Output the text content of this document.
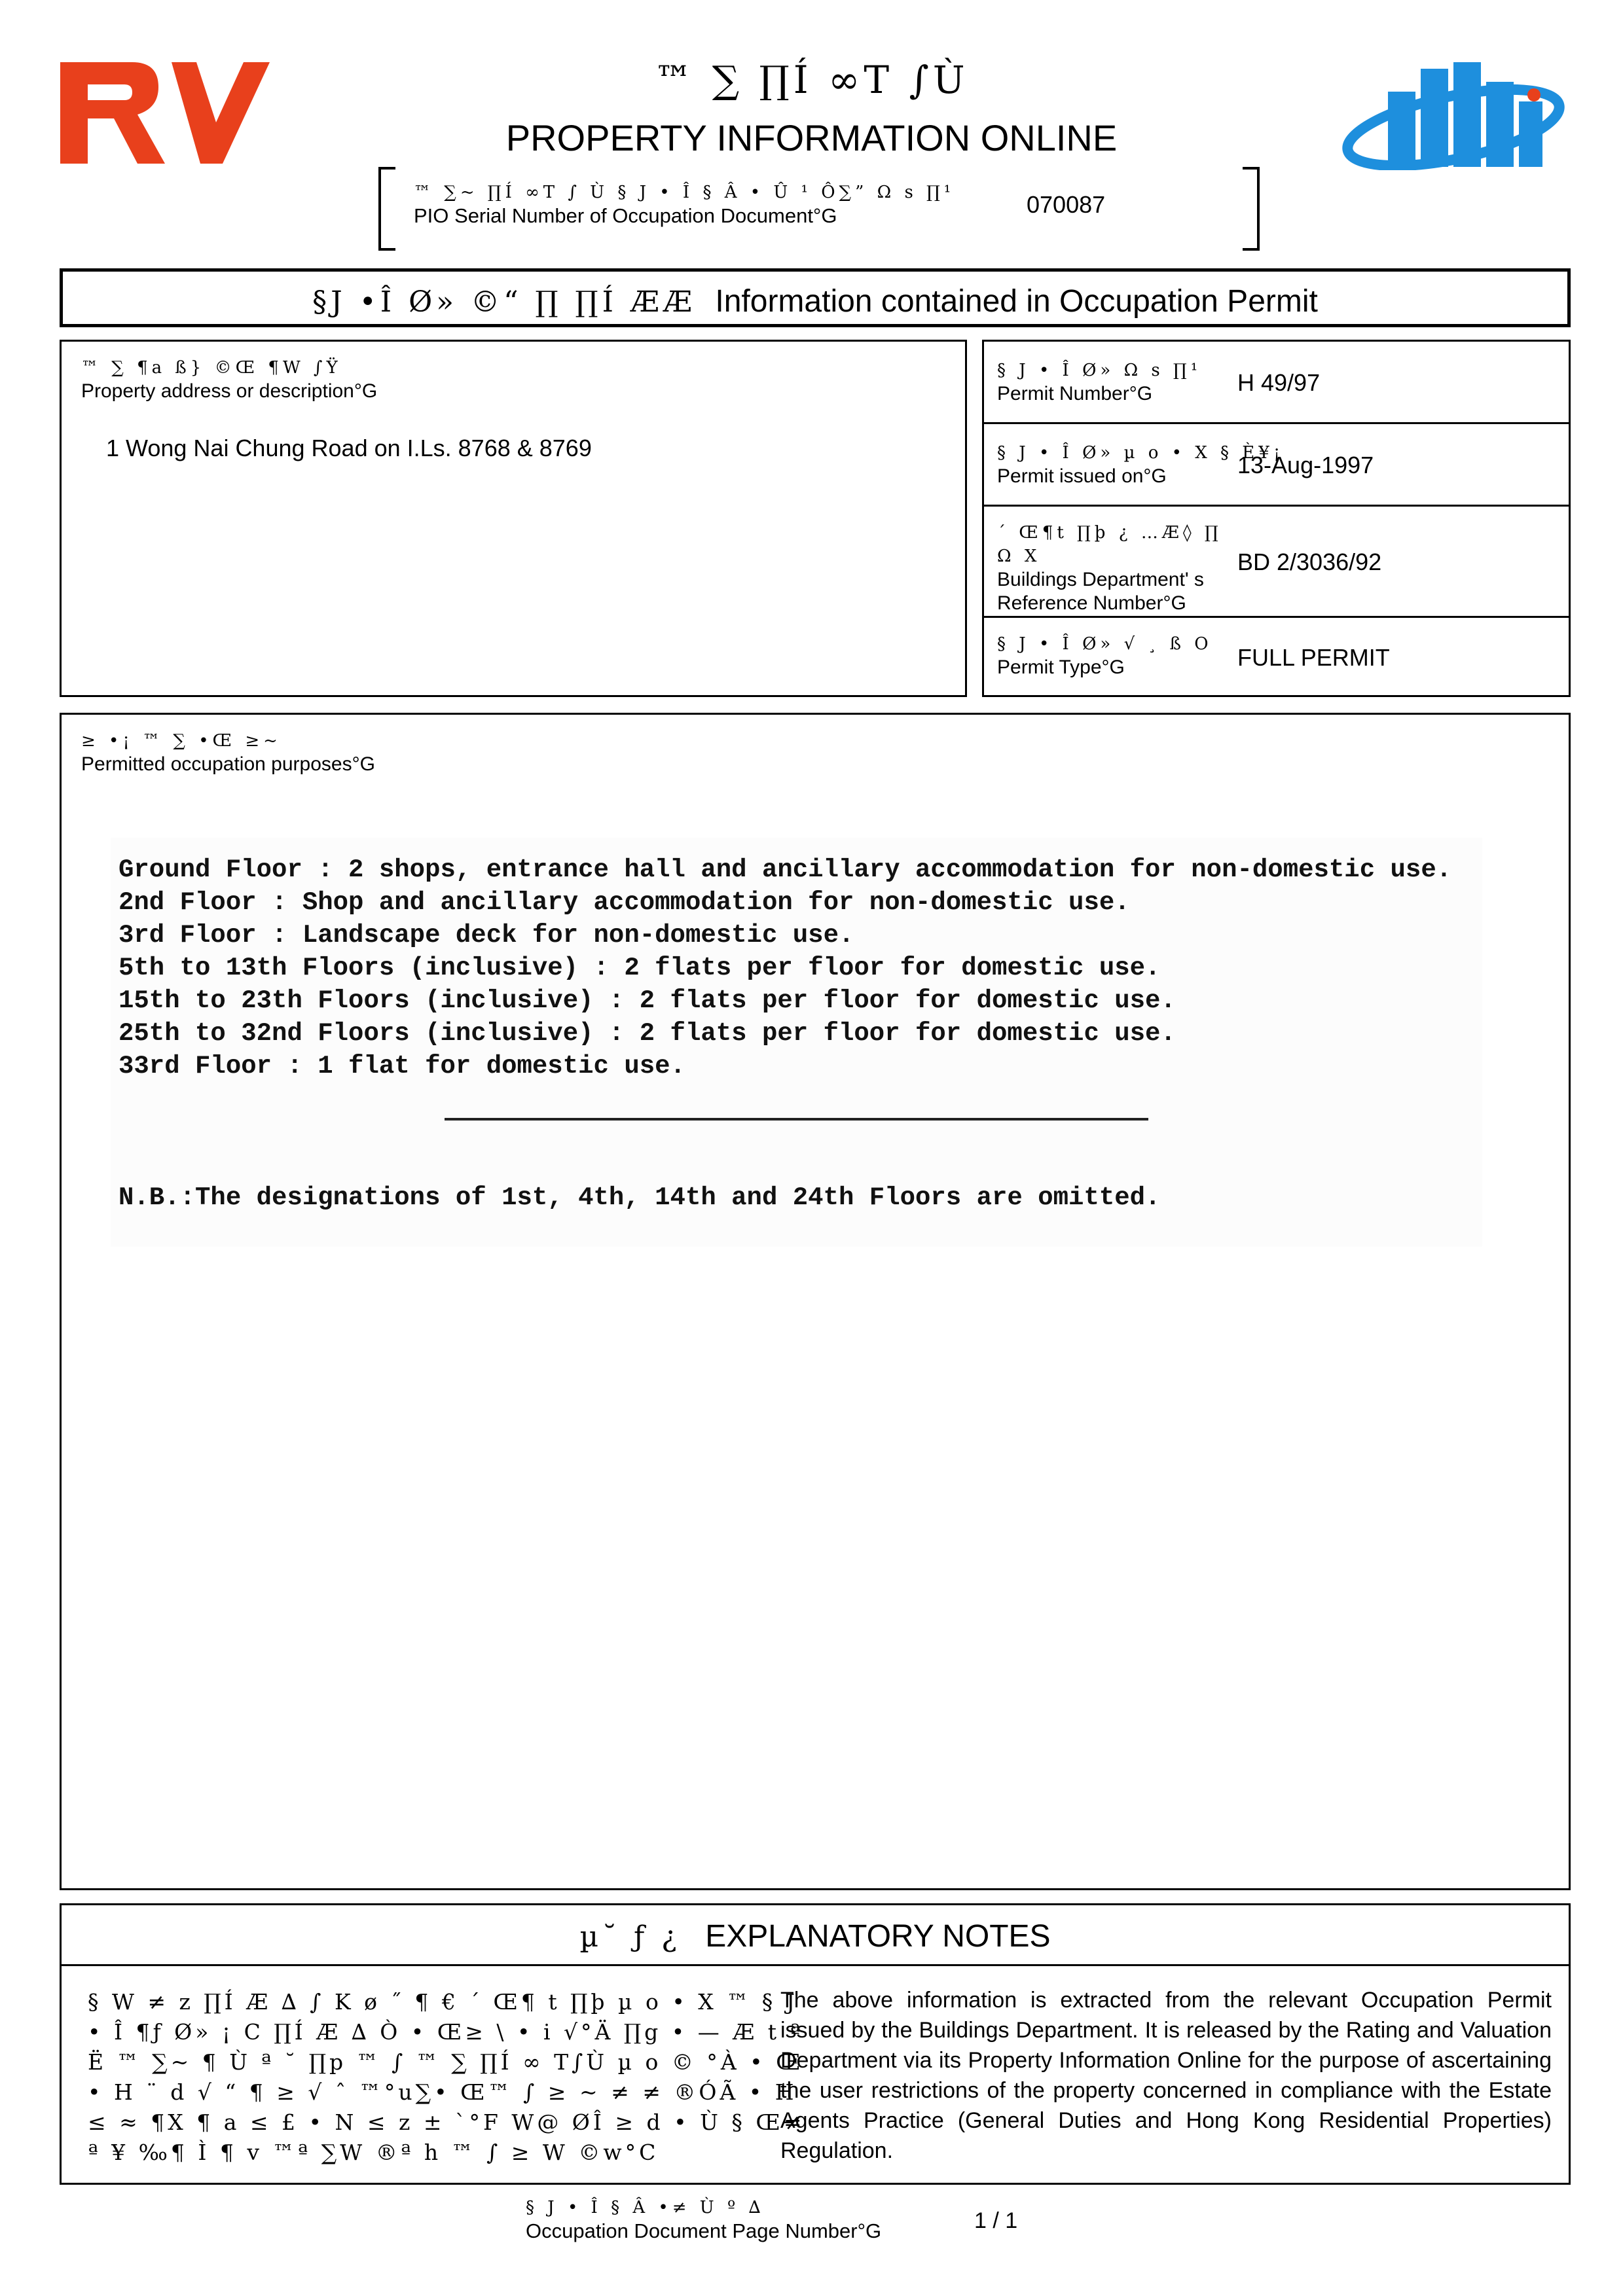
™ ∑ ∏Í ∞T ∫Ù
PROPERTY INFORMATION ONLINE
™ ∑~ ∏Í ∞T ∫ Ù § J • Î § Â • Û ¹ Ô∑” Ω s ∏¹
PIO Serial Number of Occupation Document°G	070087
§J •Î Ø» ©“ ∏ ∏Í ÆÆ Information contained in Occupation Permit
™ ∑ ¶a ß} ©Œ ¶W ∫Ÿ
Property address or description°G
1 Wong Nai Chung Road on I.Ls. 8768 & 8769
§ J • Î Ø» Ω s ∏¹
Permit Number°G	H 49/97
§ J • Î Ø» µ o • X § È¥¡
Permit issued on°G	13-Aug-1997
´ Œ¶t ∏þ ¿ …Æ◊ ∏ Ω X
Buildings Department' s Reference Number°G
BD 2/3036/92
§ J • Î Ø» √ ¸ ß O
Permit Type°G	FULL PERMIT
≥ •¡ ™ ∑ •Œ ≥~
Permitted occupation purposes°G
Ground Floor : 2 shops, entrance hall and ancillary accommodation for non-domestic use.
2nd Floor : Shop and ancillary accommodation for non-domestic use.
3rd Floor : Landscape deck for non-domestic use.
5th to 13th Floors (inclusive) : 2 flats per floor for domestic use.
15th to 23th Floors (inclusive) : 2 flats per floor for domestic use.
25th to 32nd Floors (inclusive) : 2 flats per floor for domestic use.
33rd Floor : 1 flat for domestic use.
N.B.:The designations of 1st, 4th, 14th and 24th Floors are omitted.
µ˘ ƒ ¿ EXPLANATORY NOTES
§ W ≠ z ∏Í Æ ∆ ∫ K ø ˝ ¶ € ´ Œ¶ t ∏þ µ o • X ™ § J • Î ¶ƒ Ø» ¡ C ∏Í Æ ∆ Ò • Œ≥ \ • i √°Ä ∏g • — Æ t ª Ë ™ ∑~ ¶ Ù ª ˘ ∏p ™ ∫ ™ ∑ ∏Í ∞ T∫Ù µ o © °À • Œ• H ¨ d √ “ ¶ ≥ √ ˆ ™°u∑• Œ™ ∫ ≥ ~ ≠ ≠ ®ÓÃ • H ≤ ≈ ¶X ¶ a ≤ £ • N ≤ z ± `°F W@ ØÎ ≥ d • Ù § Œ≠ ª ¥ ‰¶ Ì ¶ v ™ª ∑W ®ª h ™ ∫ ≥ W ©w°C
The above information is extracted from the relevant Occupation Permit issued by the Buildings Department. It is released by the Rating and Valuation Department via its Property Information Online for the purpose of ascertaining the user restrictions of the property concerned in compliance with the Estate Agents Practice (General Duties and Hong Kong Residential Properties) Regulation.
§ J • Î § Â •≠ Ù º ∆
Occupation Document Page Number°G	1 / 1
